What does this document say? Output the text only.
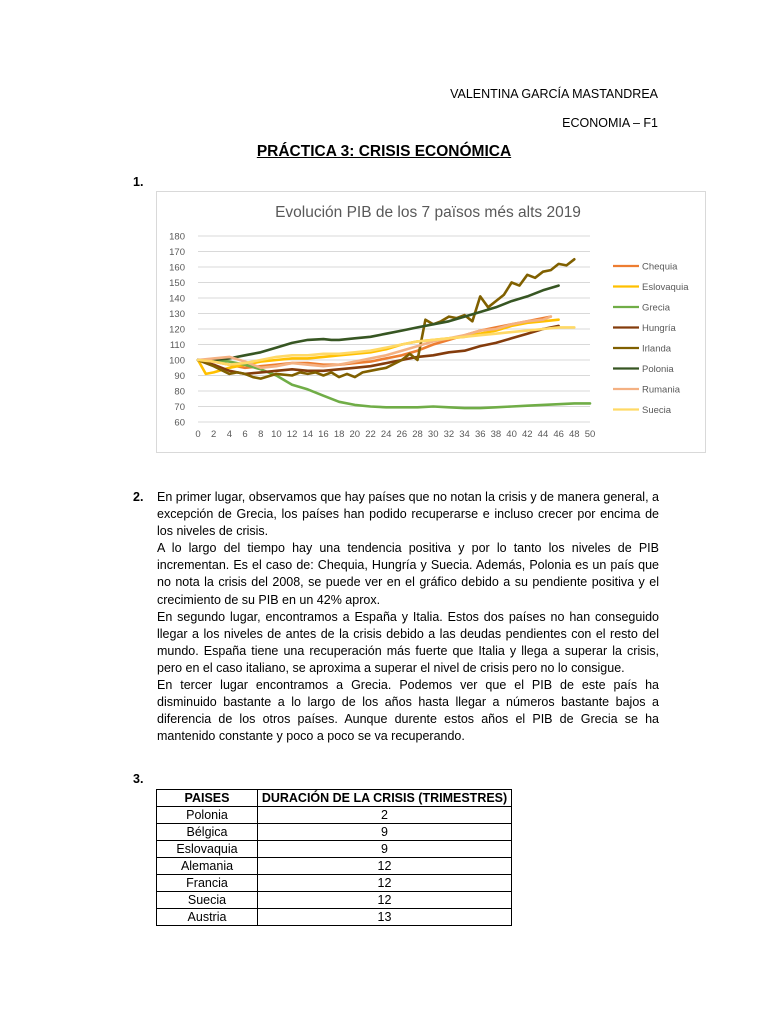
VALENTINA GARCÍA MASTANDREA
ECONOMIA – F1
PRÁCTICA 3: CRISIS ECONÓMICA
1.
Evolución PIB de los 7 països més alts 2019
60
70
80
90
100
110
120
130
140
150
160
170
180
0 2 4 6 8 10 12 14 16 18 20 22 24 26 28 30 32 34 36 38 40 42 44 46 48 50
Chequia
Eslovaquia
Grecia
Hungría
Irlanda
Polonia
Rumania
Suecia
2. En primer lugar, observamos que hay países que no notan la crisis y de manera general, a excepción de Grecia, los países han podido recuperarse e incluso crecer por encima de los niveles de crisis.

A lo largo del tiempo hay una tendencia positiva y por lo tanto los niveles de PIB incrementan. Es el caso de: Chequia, Hungría y Suecia. Además, Polonia es un país que no nota la crisis del 2008, se puede ver en el gráfico debido a su pendiente positiva y el crecimiento de su PIB en un 42% aprox.

En segundo lugar, encontramos a España y Italia. Estos dos países no han conseguido llegar a los niveles de antes de la crisis debido a las deudas pendientes con el resto del mundo. España tiene una recuperación más fuerte que Italia y llega a superar la crisis, pero en el caso italiano, se aproxima a superar el nivel de crisis pero no lo consigue.

En tercer lugar encontramos a Grecia. Podemos ver que el PIB de este país ha disminuido bastante a lo largo de los años hasta llegar a números bastante bajos a diferencia de los otros países. Aunque durente estos años el PIB de Grecia se ha mantenido constante y poco a poco se va recuperando.

3.
PAISES	DURACIÓN DE LA CRISIS (TRIMESTRES)
Polonia	2
Bélgica	9
Eslovaquia	9
Alemania	12
Francia	12
Suecia	12
Austria	13
